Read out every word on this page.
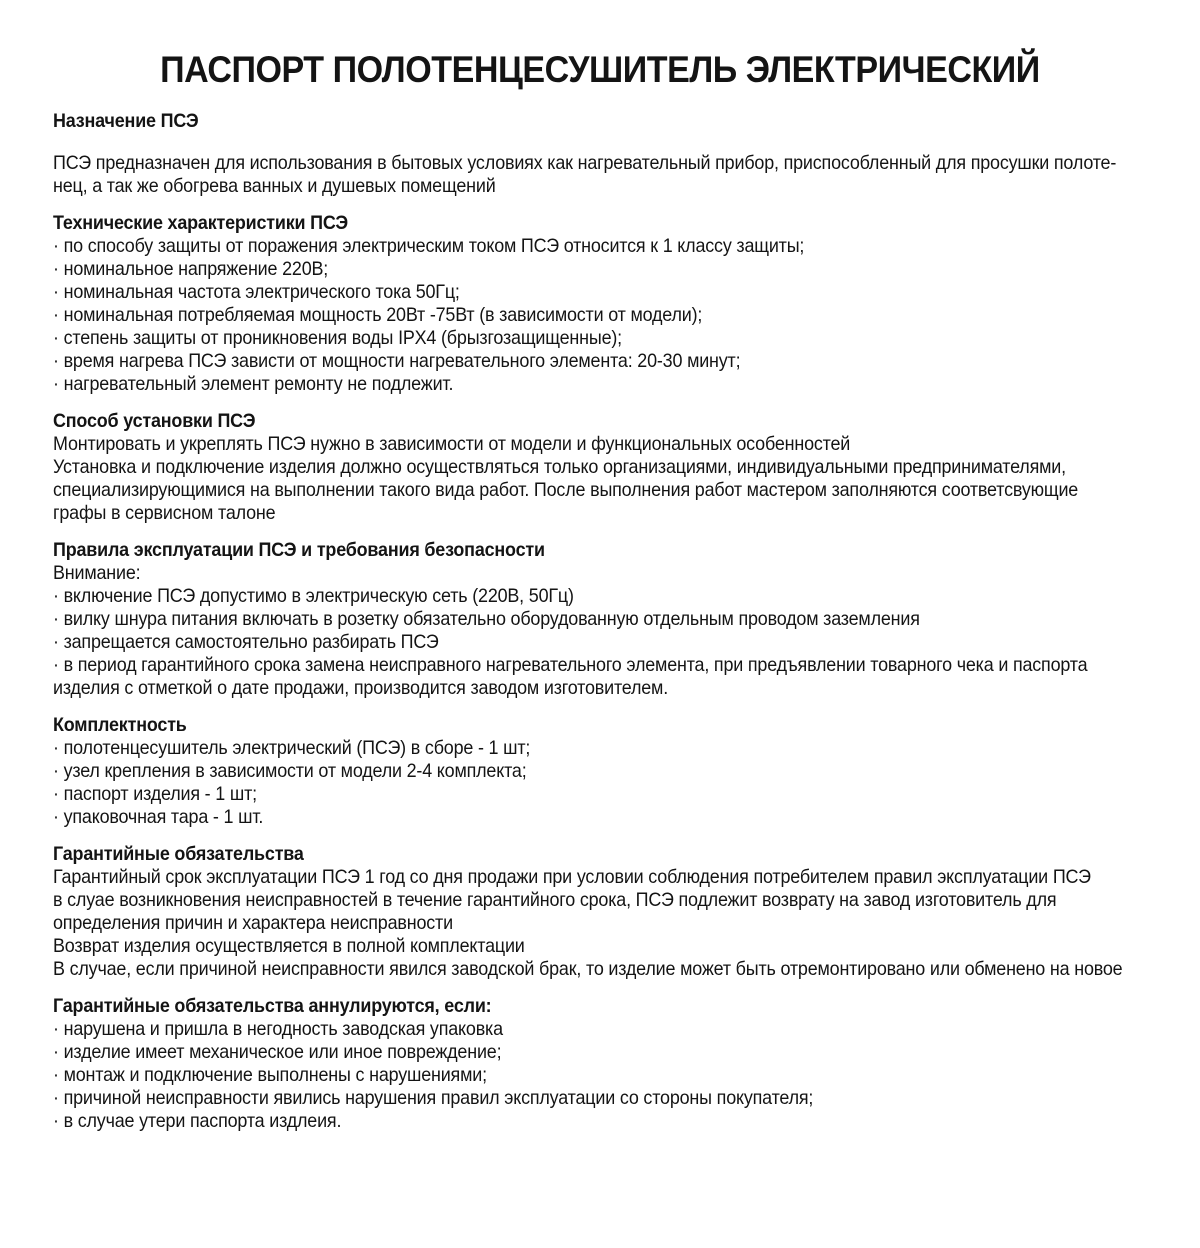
ПАСПОРТ ПОЛОТЕНЦЕСУШИТЕЛЬ ЭЛЕКТРИЧЕСКИЙ
Назначение ПСЭ

ПСЭ предназначен для использования в бытовых условиях как нагревательный прибор, приспособленный для просушки полоте-

нец, а так же обогрева ванных и душевых помещений

Технические характеристики ПСЭ

· по способу защиты от поражения электрическим током ПСЭ относится к 1 классу защиты;

· номинальное напряжение 220В;

· номинальная частота электрического тока 50Гц;

· номинальная потребляемая мощность 20Вт -75Вт (в зависимости от модели);

· степень защиты от проникновения воды IPX4 (брызгозащищенные);

· время нагрева ПСЭ зависти от мощности нагревательного элемента: 20-30 минут;

· нагревательный элемент ремонту не подлежит.

Способ установки ПСЭ

Монтировать и укреплять ПСЭ нужно в зависимости от модели и функциональных особенностей

Установка и подключение изделия должно осуществляться только организациями, индивидуальными предпринимателями,

специализирующимися на выполнении такого вида работ. После выполнения работ мастером заполняются соответсвующие

графы в сервисном талоне

Правила эксплуатации ПСЭ и требования безопасности

Внимание:

· включение ПСЭ допустимо в электрическую сеть (220В, 50Гц)

· вилку шнура питания включать в розетку обязательно оборудованную отдельным проводом заземления

· запрещается самостоятельно разбирать ПСЭ

· в период гарантийного срока замена неисправного нагревательного элемента, при предъявлении товарного чека и паспорта

изделия с отметкой о дате продажи, производится заводом изготовителем.

Комплектность

· полотенцесушитель электрический (ПСЭ) в сборе - 1 шт;

· узел крепления в зависимости от модели 2-4 комплекта;

· паспорт изделия - 1 шт;

· упаковочная тара - 1 шт.

Гарантийные обязательства

Гарантийный срок эксплуатации ПСЭ 1 год со дня продажи при условии соблюдения потребителем правил эксплуатации ПСЭ

в слуае возникновения неисправностей в течение гарантийного срока, ПСЭ подлежит возврату на завод изготовитель для

определения причин и характера неисправности

Возврат изделия осуществляется в полной комплектации

В случае, если причиной неисправности явился заводской брак, то изделие может быть отремонтировано или обменено на новое

Гарантийные обязательства аннулируются, если:

· нарушена и пришла в негодность заводская упаковка

· изделие имеет механическое или иное повреждение;

· монтаж и подключение выполнены с нарушениями;

· причиной неисправности явились нарушения правил эксплуатации со стороны покупателя;

· в случае утери паспорта издлеия.
